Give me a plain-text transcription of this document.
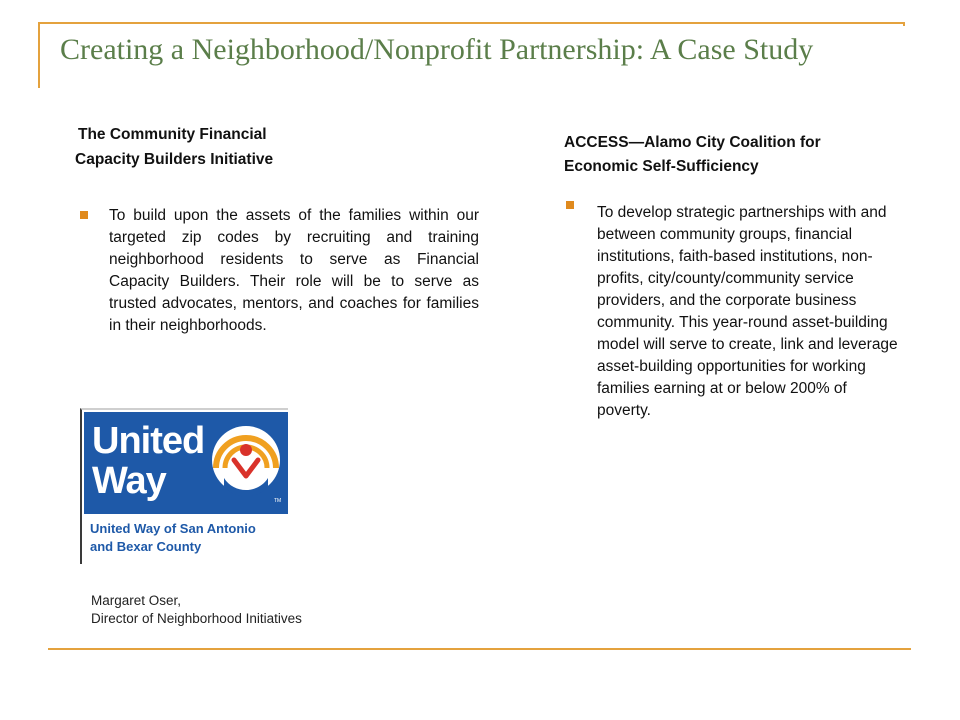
Creating a Neighborhood/Nonprofit Partnership: A Case Study
The Community Financial
Capacity Builders Initiative
To build upon the assets of the families within our targeted zip codes by recruiting and training neighborhood residents to serve as Financial Capacity Builders. Their role will be to serve as trusted advocates, mentors, and coaches for families in their neighborhoods.
ACCESS—Alamo City Coalition for
Economic Self-Sufficiency
To develop strategic partnerships with and between community groups, financial institutions, faith-based institutions, non-profits, city/county/community service providers, and the corporate business community. This year-round asset-building model will serve to create, link and leverage asset-building opportunities for working families earning at or below 200% of poverty.
United
Way	TM
United Way of San Antonio
and Bexar County
Margaret Oser,
Director of Neighborhood Initiatives
